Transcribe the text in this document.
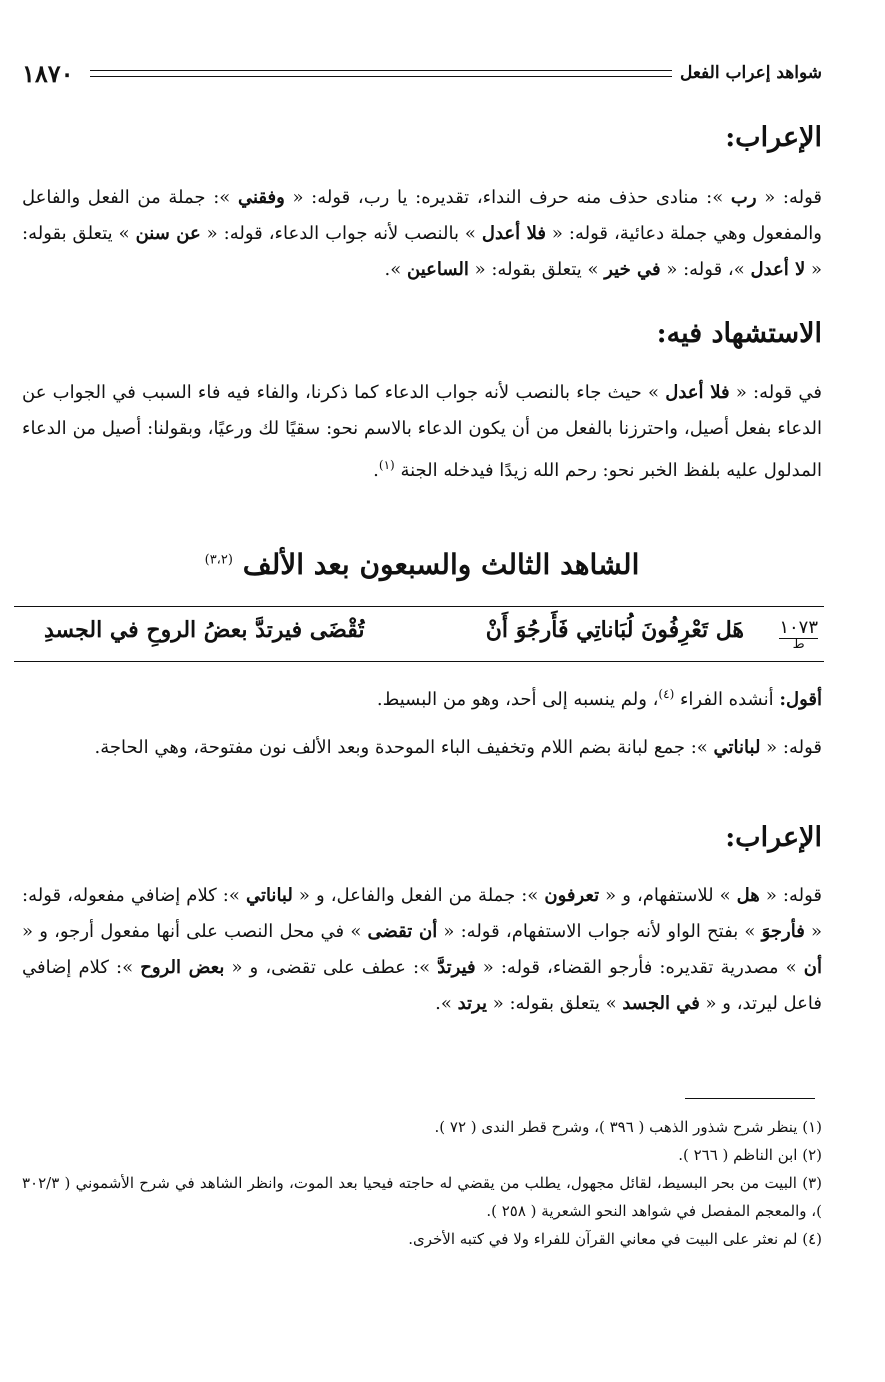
١٨٧٠	شواهد إعراب الفعل
الإعراب:
قوله: « رب »: منادى حذف منه حرف النداء، تقديره: يا رب، قوله: « وفقني »: جملة من الفعل والفاعل والمفعول وهي جملة دعائية، قوله: « فلا أعدل » بالنصب لأنه جواب الدعاء، قوله: « عن سنن » يتعلق بقوله: « لا أعدل »، قوله: « في خير » يتعلق بقوله: « الساعين ».
الاستشهاد فيه:
في قوله: « فلا أعدل » حيث جاء بالنصب لأنه جواب الدعاء كما ذكرنا، والفاء فيه فاء السبب في الجواب عن الدعاء بفعل أصيل، واحترزنا بالفعل من أن يكون الدعاء بالاسم نحو: سقيًا لك ورعيًا، وبقولنا: أصيل من الدعاء المدلول عليه بلفظ الخبر نحو: رحم الله زيدًا فيدخله الجنة $^{(١)}$.
الشاهد الثالث والسبعون بعد الألف $^{(٣،٢)}$
١٠٧٣
ط
هَل تَعْرِفُونَ لُبَاناتِي فَأَرجُوَ أَنْ
تُقْضَى فيرتدَّ بعضُ الروحِ في الجسدِ
أقول: أنشده الفراء $^{(٤)}$، ولم ينسبه إلى أحد، وهو من البسيط.
قوله: « لباناتي »: جمع لبانة بضم اللام وتخفيف الباء الموحدة وبعد الألف نون مفتوحة، وهي الحاجة.
الإعراب:
قوله: « هل » للاستفهام، و « تعرفون »: جملة من الفعل والفاعل، و « لباناتي »: كلام إضافي مفعوله، قوله: « فأرجوَ » بفتح الواو لأنه جواب الاستفهام، قوله: « أن تقضى » في محل النصب على أنها مفعول أرجو، و « أن » مصدرية تقديره: فأرجو القضاء، قوله: « فيرتدَّ »: عطف على تقضى، و « بعض الروح »: كلام إضافي فاعل ليرتد، و « في الجسد » يتعلق بقوله: « يرتد ».
(١) ينظر شرح شذور الذهب ( ٣٩٦ )، وشرح قطر الندى ( ٧٢ ).
(٢) ابن الناظم ( ٢٦٦ ).
(٣) البيت من بحر البسيط، لقائل مجهول، يطلب من يقضي له حاجته فيحيا بعد الموت، وانظر الشاهد في شرح الأشموني ( ٣٠٢/٣ )، والمعجم المفصل في شواهد النحو الشعرية ( ٢٥٨ ).
(٤) لم نعثر على البيت في معاني القرآن للفراء ولا في كتبه الأخرى.
